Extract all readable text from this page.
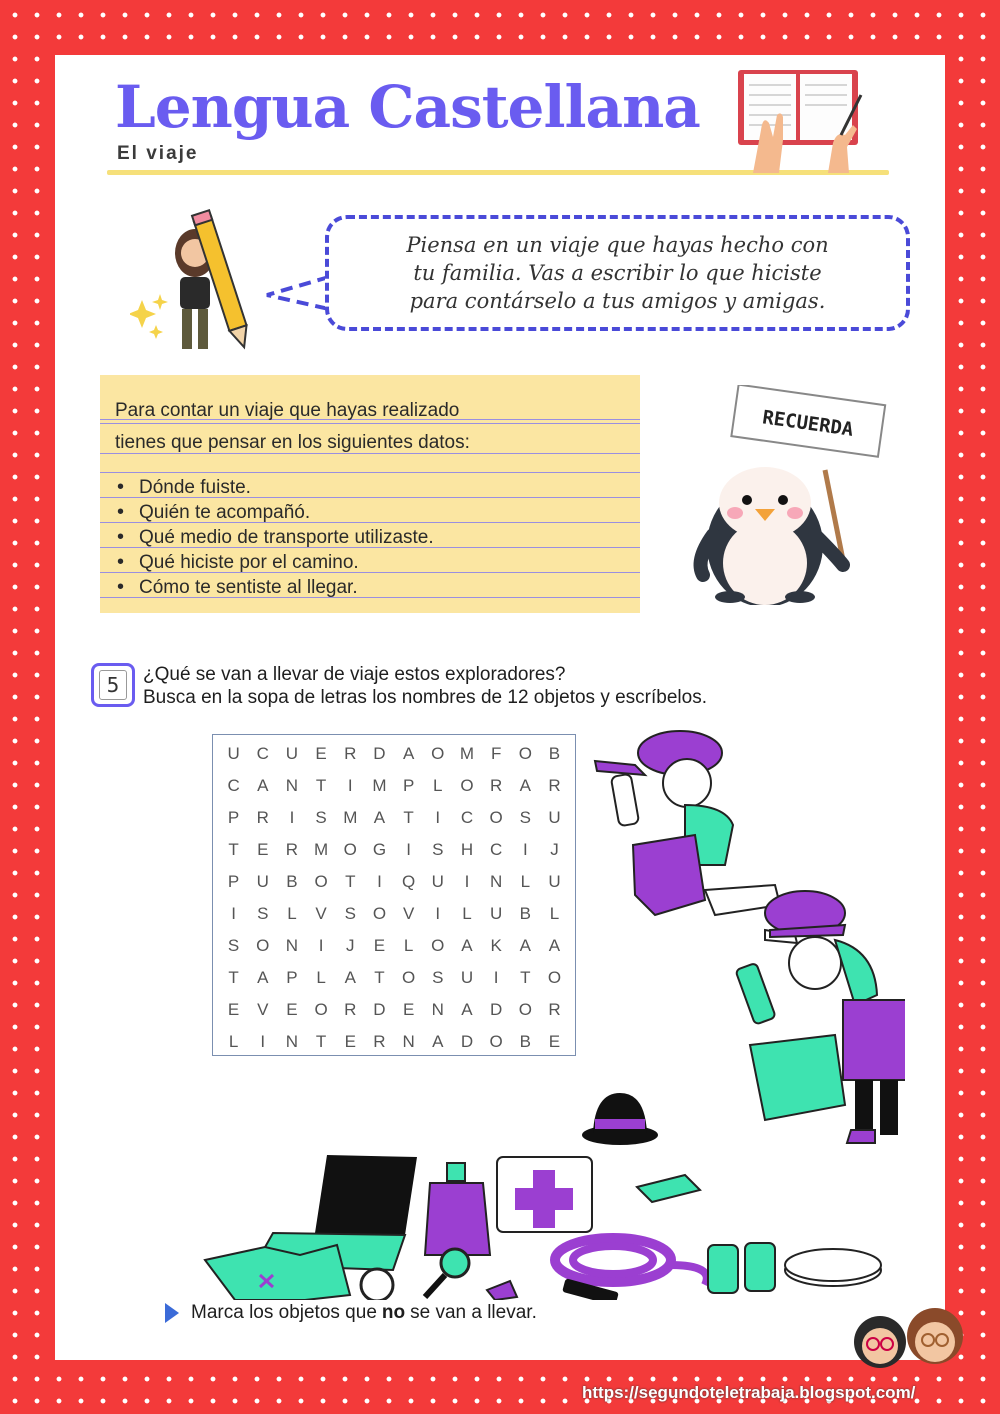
Lengua Castellana
El viaje
Piensa en un viaje que hayas hecho con
tu familia. Vas a escribir lo que hiciste
para contárselo a tus amigos y amigas.
Para contar un viaje que hayas realizado
tienes que pensar en los siguientes datos:
• Dónde fuiste.
• Quién te acompañó.
• Qué medio de transporte utilizaste.
• Qué hiciste por el camino.
• Cómo te sentiste al llegar.
RECUERDA
5	¿Qué se van a llevar de viaje estos exploradores?
Busca en la sopa de letras los nombres de 12 objetos y escríbelos.
U C U	E	R D	A O M F	O B
C	A	N	T	I	M P	L	O R	A	R
P	R	I	S M A	T	I	C O S	U
T	E	R M O G	I	S	H C	I	J
P	U	B O	T	I	Q U	I	N	L	U
I	S	L	V	S O V	I	L	U	B	L
S O N	I	J	E	L	O A	K	A	A
T	A	P	L	A	T	O S	U	I	T	O
E	V	E O R D	E	N	A	D O R
L	I	N	T	E	R N	A	D O B	E
Marca los objetos que no se van a llevar.
https://segundoteletrabaja.blogspot.com/
